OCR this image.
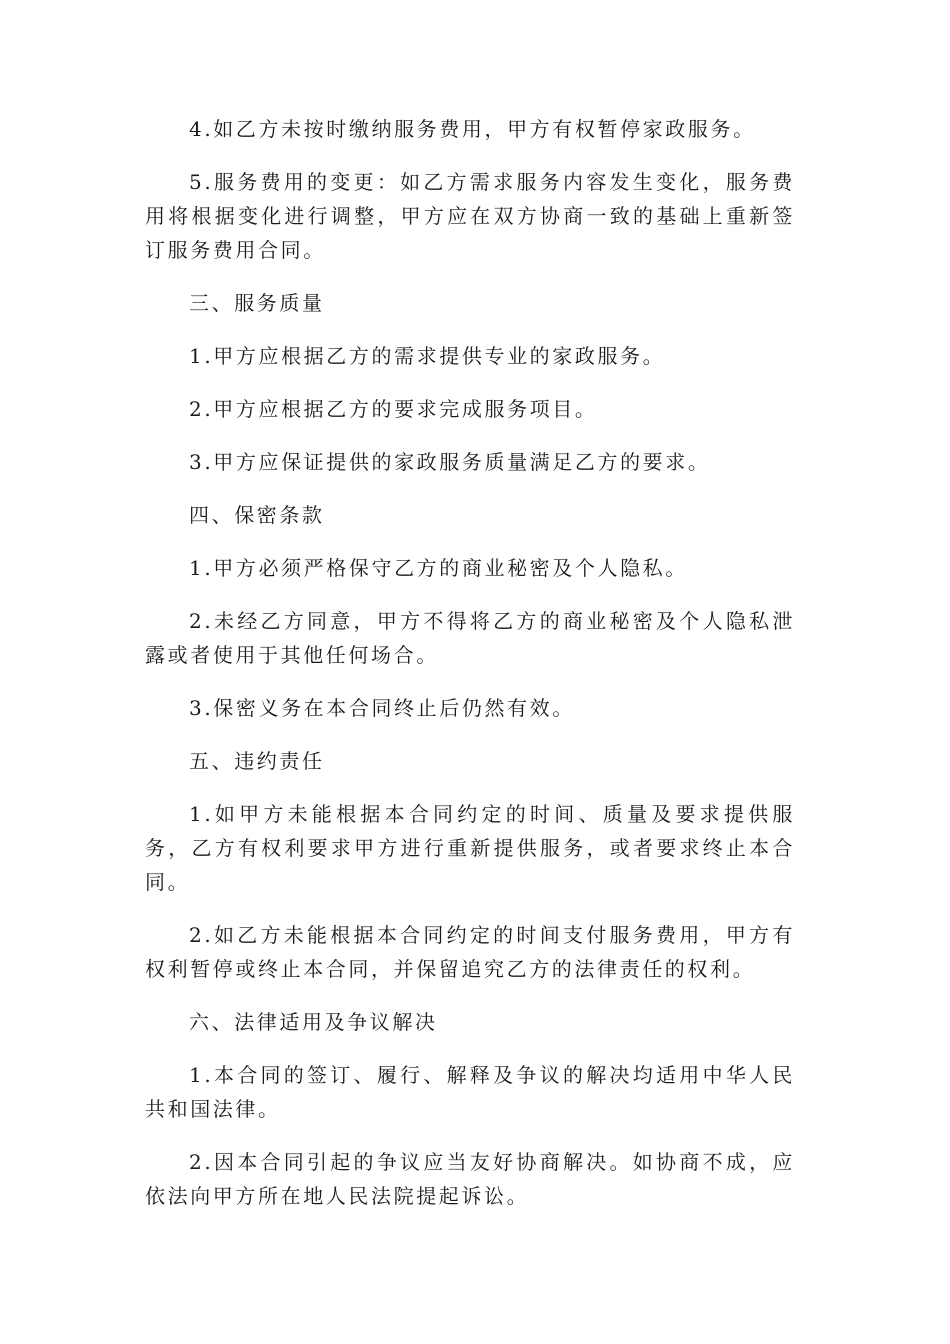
4.如乙方未按时缴纳服务费用，甲方有权暂停家政服务。

5.服务费用的变更：如乙方需求服务内容发生变化，服务费用将根据变化进行调整，甲方应在双方协商一致的基础上重新签订服务费用合同。

三、服务质量

1.甲方应根据乙方的需求提供专业的家政服务。

2.甲方应根据乙方的要求完成服务项目。

3.甲方应保证提供的家政服务质量满足乙方的要求。

四、保密条款

1.甲方必须严格保守乙方的商业秘密及个人隐私。

2.未经乙方同意，甲方不得将乙方的商业秘密及个人隐私泄露或者使用于其他任何场合。

3.保密义务在本合同终止后仍然有效。

五、违约责任

1.如甲方未能根据本合同约定的时间、质量及要求提供服务，乙方有权利要求甲方进行重新提供服务，或者要求终止本合同。

2.如乙方未能根据本合同约定的时间支付服务费用，甲方有权利暂停或终止本合同，并保留追究乙方的法律责任的权利。

六、法律适用及争议解决

1.本合同的签订、履行、解释及争议的解决均适用中华人民共和国法律。

2.因本合同引起的争议应当友好协商解决。如协商不成，应依法向甲方所在地人民法院提起诉讼。
